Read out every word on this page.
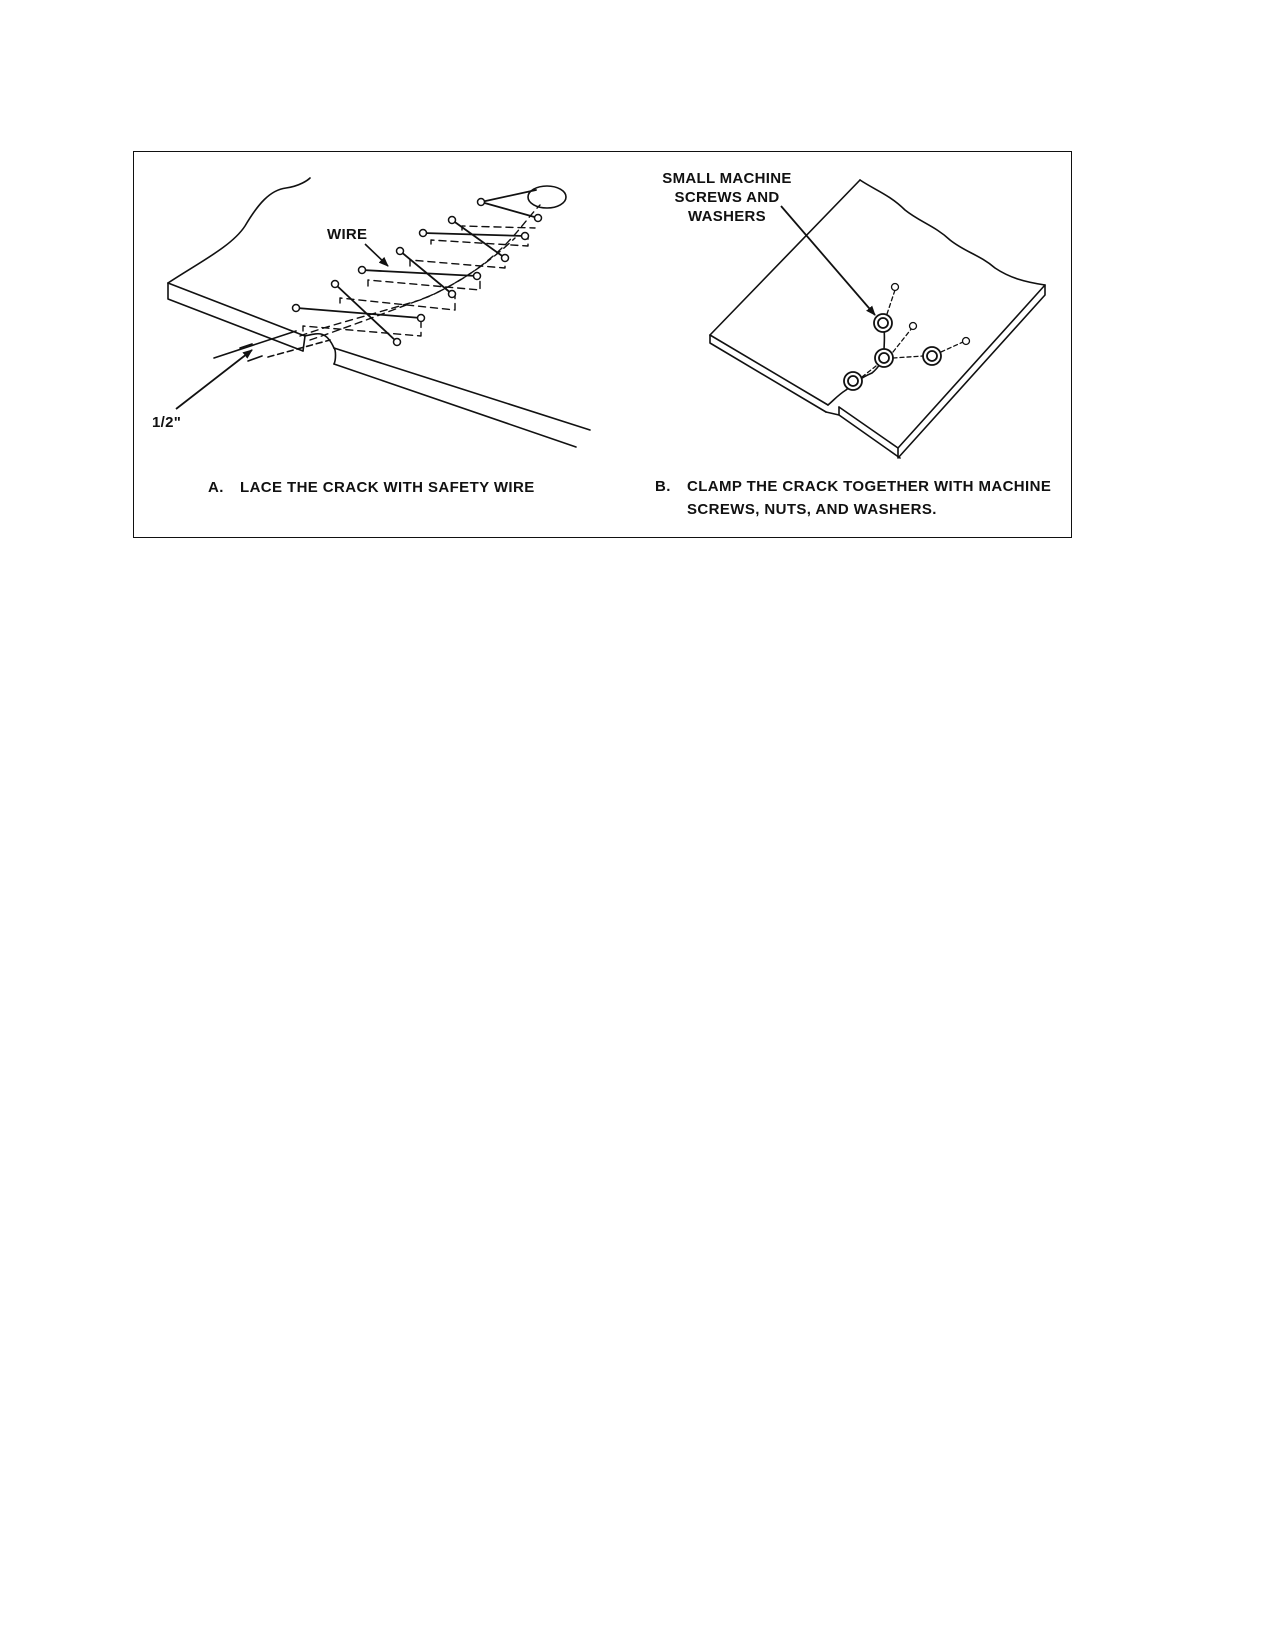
WIRE
1/2"
A. LACE THE CRACK WITH SAFETY WIRE
SMALL MACHINE
SCREWS AND
WASHERS
B. CLAMP THE CRACK TOGETHER WITH MACHINE
SCREWS, NUTS, AND WASHERS.
